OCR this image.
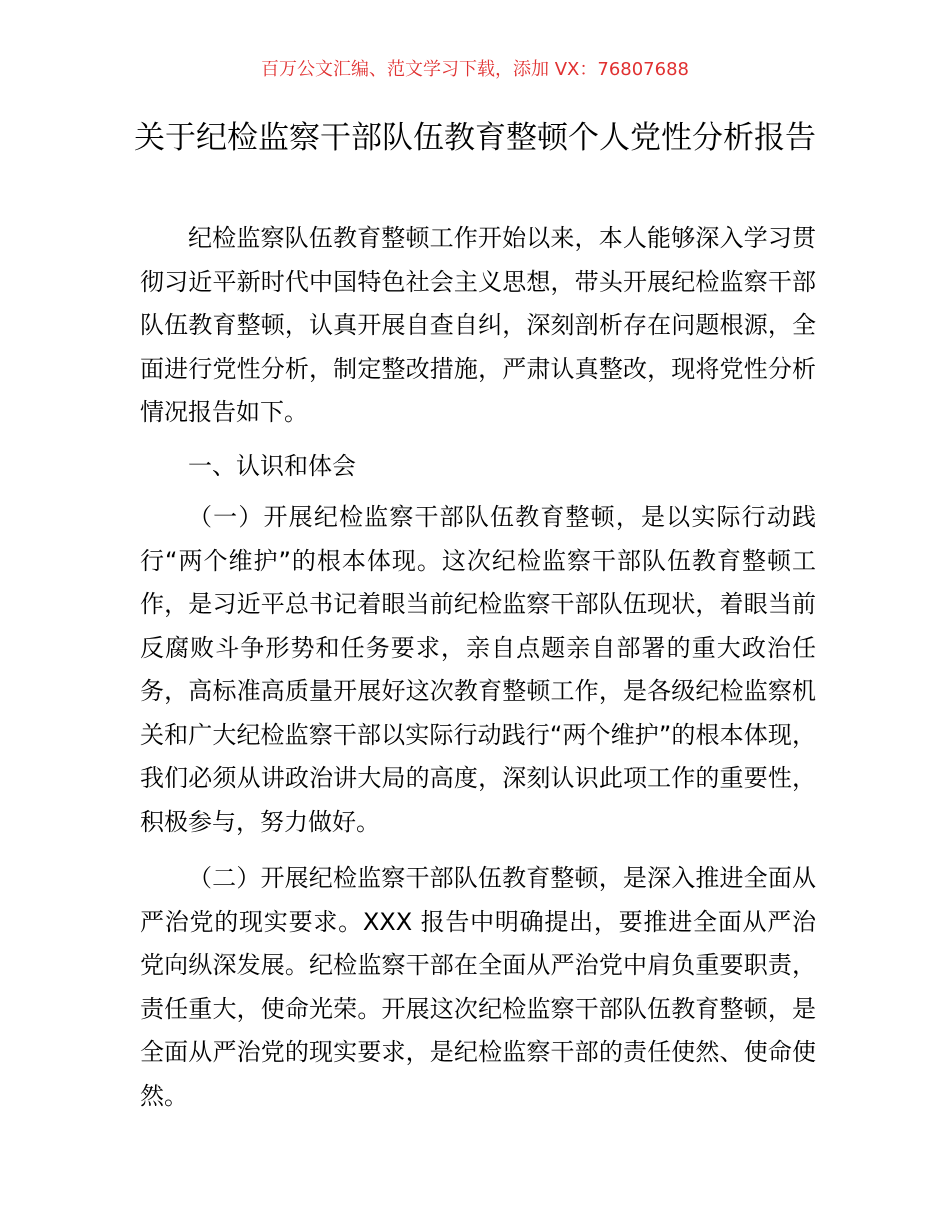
百万公文汇编、范文学习下载，添加 VX：76807688
关于纪检监察干部队伍教育整顿个人党性分析报告

纪检监察队伍教育整顿工作开始以来，本人能够深入学习贯彻习近平新时代中国特色社会主义思想，带头开展纪检监察干部队伍教育整顿，认真开展自查自纠，深刻剖析存在问题根源，全面进行党性分析，制定整改措施，严肃认真整改，现将党性分析情况报告如下。

一、认识和体会

（一）开展纪检监察干部队伍教育整顿，是以实际行动践行“两个维护”的根本体现。这次纪检监察干部队伍教育整顿工作，是习近平总书记着眼当前纪检监察干部队伍现状，着眼当前反腐败斗争形势和任务要求，亲自点题亲自部署的重大政治任务，高标准高质量开展好这次教育整顿工作，是各级纪检监察机关和广大纪检监察干部以实际行动践行“两个维护”的根本体现，我们必须从讲政治讲大局的高度，深刻认识此项工作的重要性，积极参与，努力做好。

（二）开展纪检监察干部队伍教育整顿，是深入推进全面从严治党的现实要求。XXX 报告中明确提出，要推进全面从严治党向纵深发展。纪检监察干部在全面从严治党中肩负重要职责，责任重大，使命光荣。开展这次纪检监察干部队伍教育整顿，是全面从严治党的现实要求，是纪检监察干部的责任使然、使命使然。
